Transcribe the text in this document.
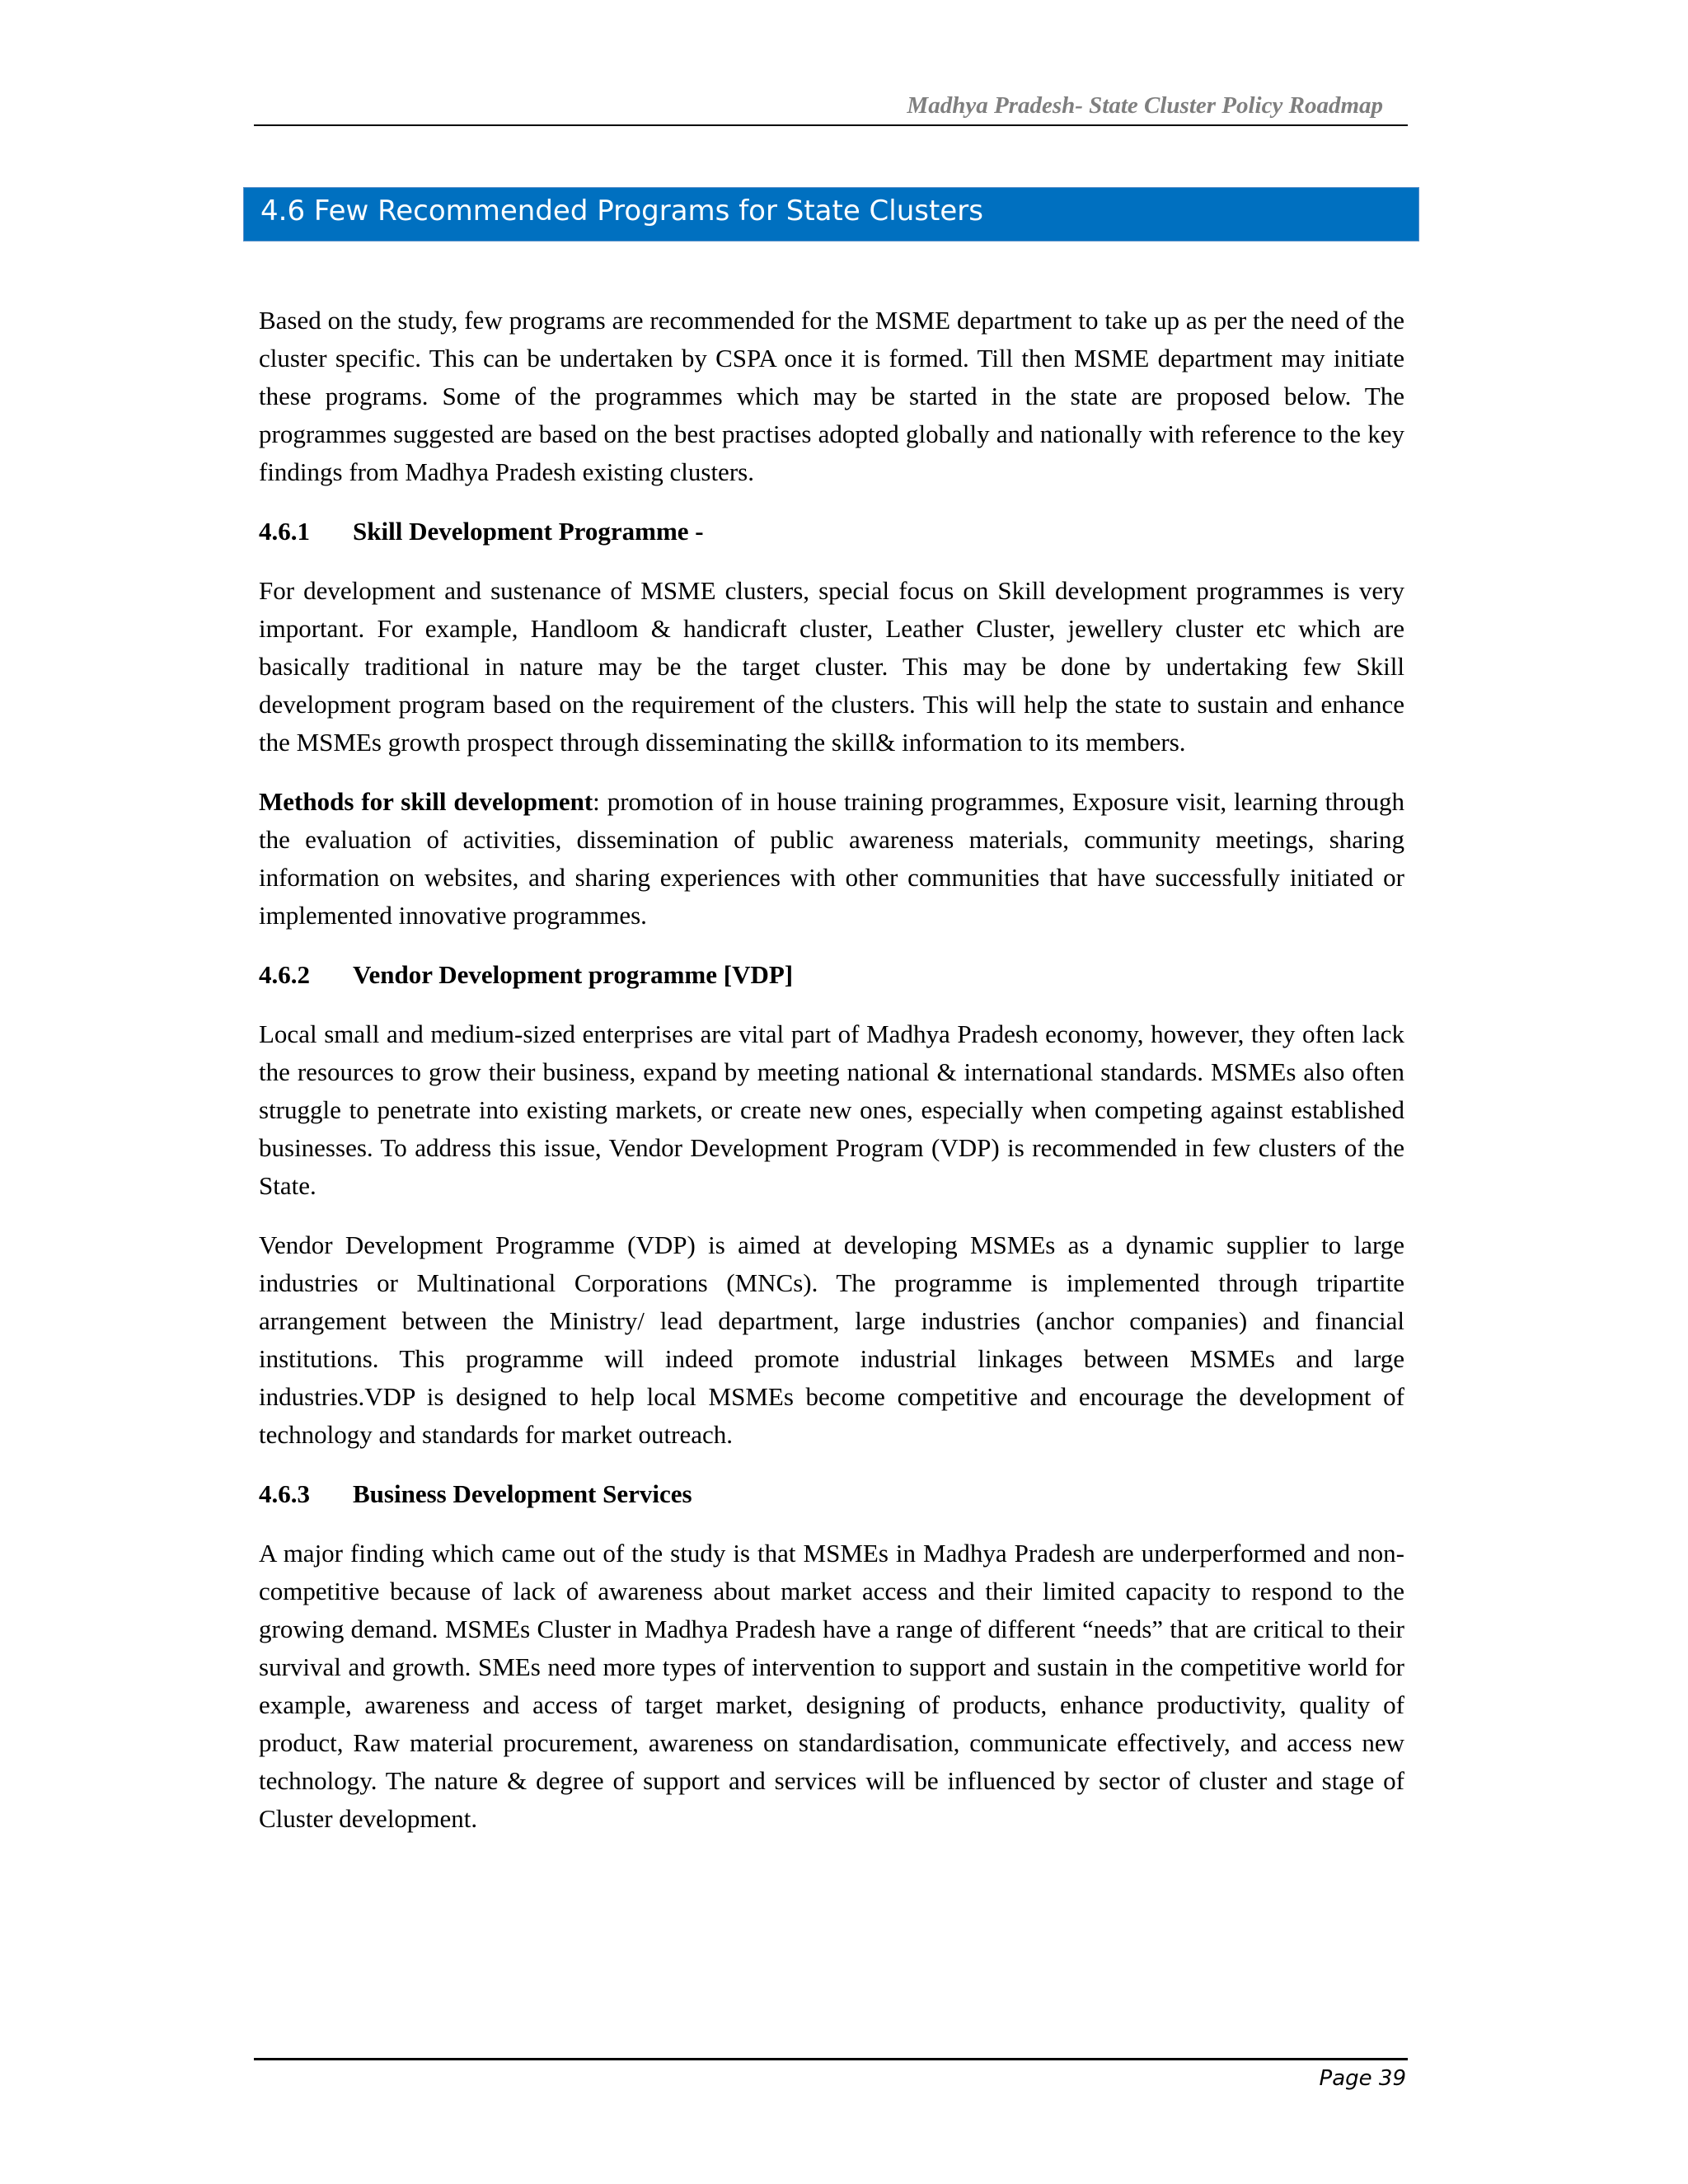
Madhya Pradesh- State Cluster Policy Roadmap
4.6 Few Recommended Programs for State Clusters

Based on the study, few programs are recommended for the MSME department to take up as per the need of the cluster specific. This can be undertaken by CSPA once it is formed. Till then MSME department may initiate these programs. Some of the programmes which may be started in the state are proposed below. The programmes suggested are based on the best practises adopted globally and nationally with reference to the key findings from Madhya Pradesh existing clusters.

4.6.1 Skill Development Programme -

For development and sustenance of MSME clusters, special focus on Skill development programmes is very important. For example, Handloom & handicraft cluster, Leather Cluster, jewellery cluster etc which are basically traditional in nature may be the target cluster. This may be done by undertaking few Skill development program based on the requirement of the clusters. This will help the state to sustain and enhance the MSMEs growth prospect through disseminating the skill& information to its members.

Methods for skill development: promotion of in house training programmes, Exposure visit, learning through the evaluation of activities, dissemination of public awareness materials, community meetings, sharing information on websites, and sharing experiences with other communities that have successfully initiated or implemented innovative programmes.

4.6.2 Vendor Development programme [VDP]

Local small and medium-sized enterprises are vital part of Madhya Pradesh economy, however, they often lack the resources to grow their business, expand by meeting national & international standards. MSMEs also often struggle to penetrate into existing markets, or create new ones, especially when competing against established businesses. To address this issue, Vendor Development Program (VDP) is recommended in few clusters of the State.

Vendor Development Programme (VDP) is aimed at developing MSMEs as a dynamic supplier to large industries or Multinational Corporations (MNCs). The programme is implemented through tripartite arrangement between the Ministry/ lead department, large industries (anchor companies) and financial institutions. This programme will indeed promote industrial linkages between MSMEs and large industries.VDP is designed to help local MSMEs become competitive and encourage the development of technology and standards for market outreach.

4.6.3 Business Development Services

A major finding which came out of the study is that MSMEs in Madhya Pradesh are underperformed and non-competitive because of lack of awareness about market access and their limited capacity to respond to the growing demand. MSMEs Cluster in Madhya Pradesh have a range of different “needs” that are critical to their survival and growth. SMEs need more types of intervention to support and sustain in the competitive world for example, awareness and access of target market, designing of products, enhance productivity, quality of product, Raw material procurement, awareness on standardisation, communicate effectively, and access new technology. The nature & degree of support and services will be influenced by sector of cluster and stage of Cluster development.

Page 39
